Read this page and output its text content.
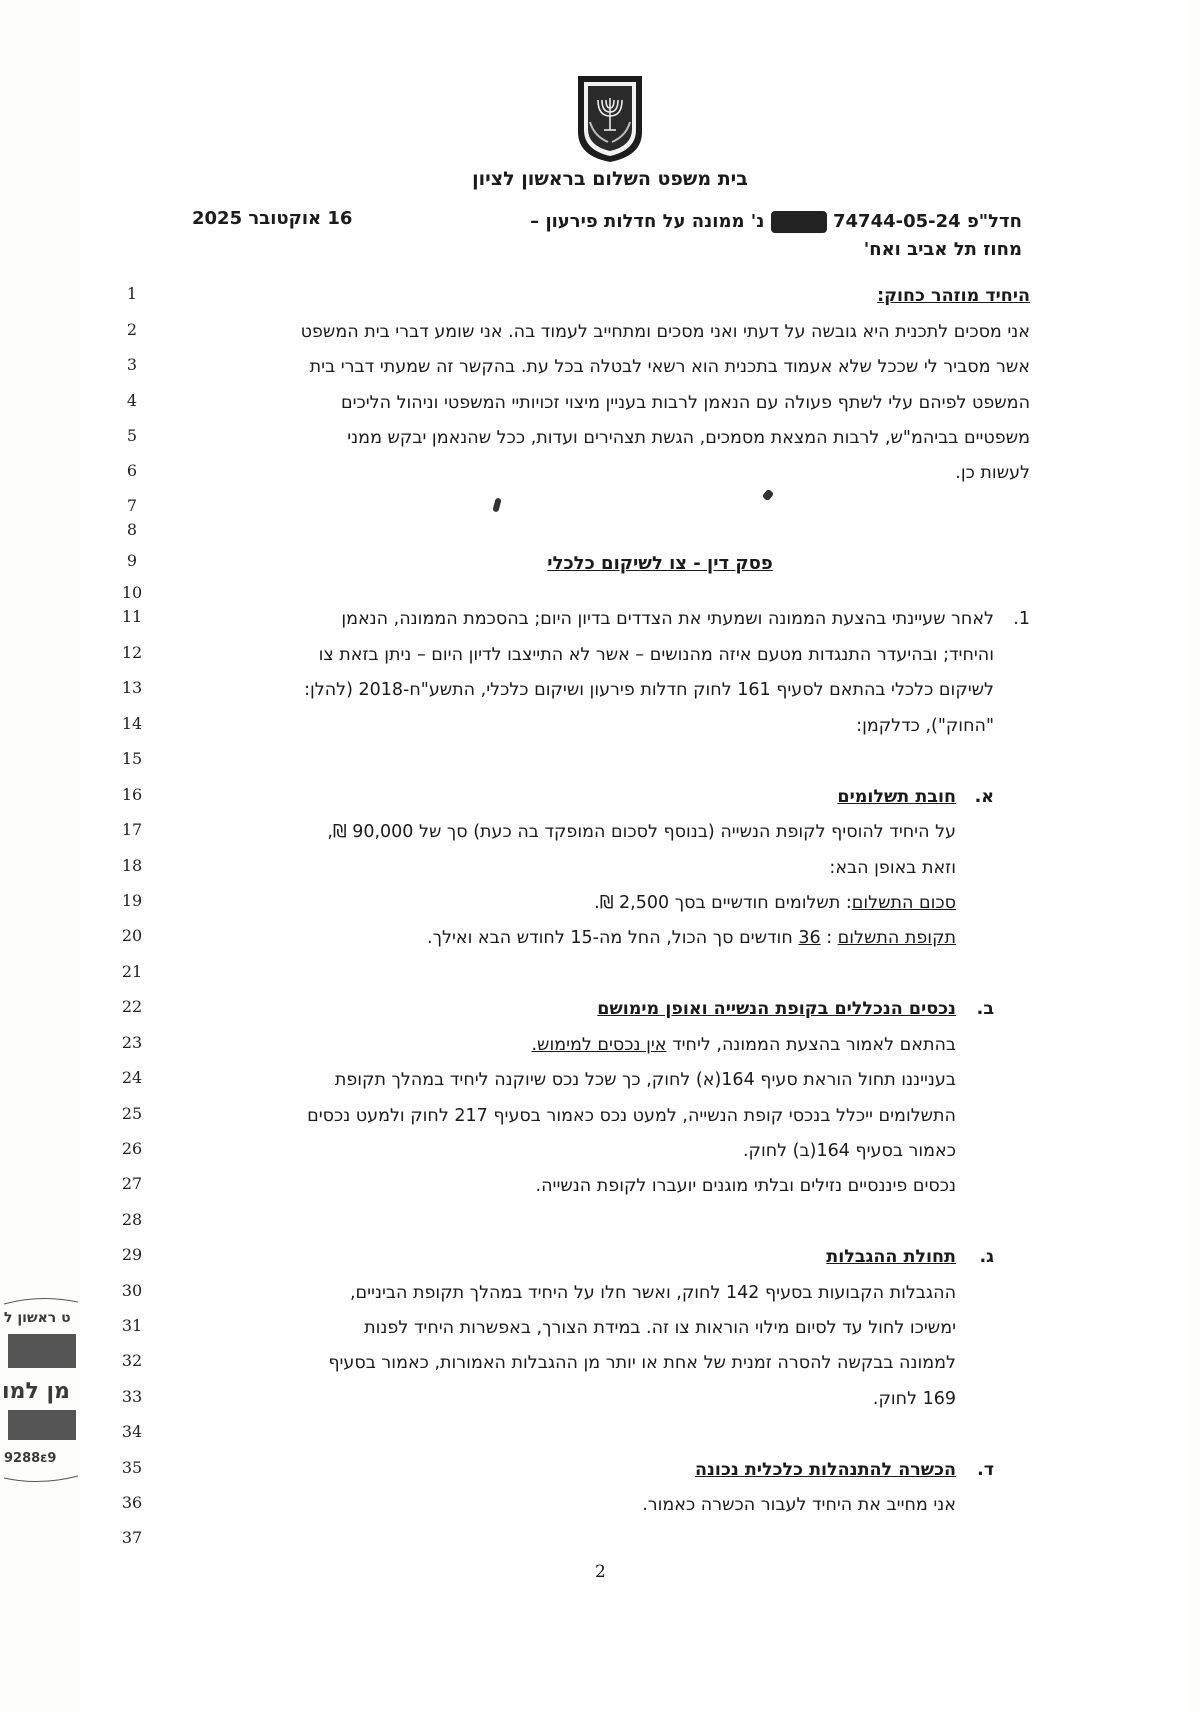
בית משפט השלום בראשון לציון
חדל"פ 74744-05-24  נ' ממונה על חדלות פירעון –
מחוז תל אביב ואח'
16 אוקטובר 2025
1
2
3
4
5
6
7
8
9
10
11
12
13
14
15
16
17
18
19
20
21
22
23
24
25
26
27
28
29
30
31
32
33
34
35
36
37
היחיד מוזהר כחוק:
אני מסכים לתכנית היא גובשה על דעתי ואני מסכים ומתחייב לעמוד בה. אני שומע דברי בית המשפט
אשר מסביר לי שככל שלא אעמוד בתכנית הוא רשאי לבטלה בכל עת. בהקשר זה שמעתי דברי בית
המשפט לפיהם עלי לשתף פעולה עם הנאמן לרבות בעניין מיצוי זכויותיי המשפטי וניהול הליכים
משפטיים בביהמ"ש, לרבות המצאת מסמכים, הגשת תצהירים ועדות, ככל שהנאמן יבקש ממני
לעשות כן.
פסק דין - צו לשיקום כלכלי
1.
לאחר שעיינתי בהצעת הממונה ושמעתי את הצדדים בדיון היום; בהסכמת הממונה, הנאמן
והיחיד; ובהיעדר התנגדות מטעם איזה מהנושים – אשר לא התייצבו לדיון היום – ניתן בזאת צו
לשיקום כלכלי בהתאם לסעיף 161 לחוק חדלות פירעון ושיקום כלכלי, התשע"ח-2018 (להלן:
"החוק"), כדלקמן:
א.
חובת תשלומים
על היחיד להוסיף לקופת הנשייה (בנוסף לסכום המופקד בה כעת) סך של 90,000 ₪,
וזאת באופן הבא:
סכום התשלום: תשלומים חודשיים בסך 2,500 ₪.
תקופת התשלום : 36 חודשים סך הכול, החל מה-15 לחודש הבא ואילך.
ב.
נכסים הנכללים בקופת הנשייה ואופן מימושם
בהתאם לאמור בהצעת הממונה, ליחיד אין נכסים למימוש.
בענייננו תחול הוראת סעיף 164(א) לחוק, כך שכל נכס שיוקנה ליחיד במהלך תקופת
התשלומים ייכלל בנכסי קופת הנשייה, למעט נכס כאמור בסעיף 217 לחוק ולמעט נכסים
כאמור בסעיף 164(ב) לחוק.
נכסים פיננסיים נזילים ובלתי מוגנים יועברו לקופת הנשייה.
ג.
תחולת ההגבלות
ההגבלות הקבועות בסעיף 142 לחוק, ואשר חלו על היחיד במהלך תקופת הביניים,
ימשיכו לחול עד לסיום מילוי הוראות צו זה. במידת הצורך, באפשרות היחיד לפנות
לממונה בבקשה להסרה זמנית של אחת או יותר מן ההגבלות האמורות, כאמור בסעיף
169 לחוק.
ד.
הכשרה להתנהלות כלכלית נכונה
אני מחייב את היחיד לעבור הכשרה כאמור.
2
ט ראשון ל
מן למו
9288ε9
